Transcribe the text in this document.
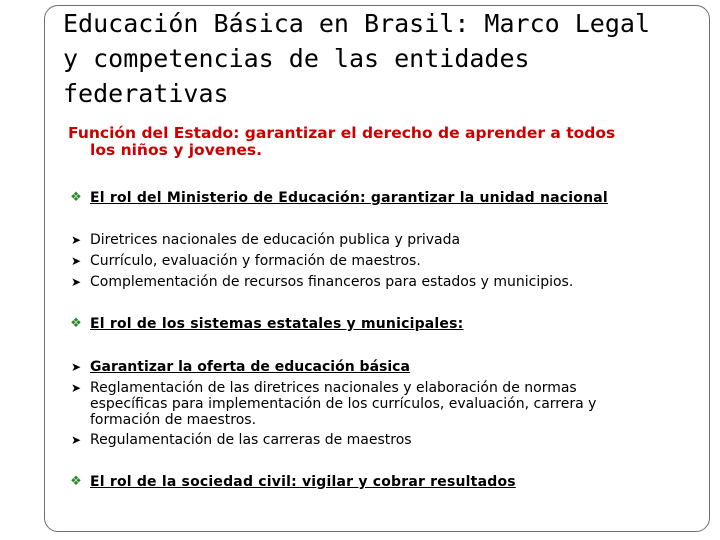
Educación Básica en Brasil: Marco Legal
y competencias de las entidades
federativas

Función del Estado: garantizar el derecho de aprender a todos
los niños y jovenes.

❖ El rol del Ministerio de Educación: garantizar la unidad nacional
➤ Diretrices nacionales de educación publica y privada
➤ Currículo, evaluación y formación de maestros.
➤ Complementación de recursos financeros para estados y municipios.
❖ El rol de los sistemas estatales y municipales:
➤ Garantizar la oferta de educación básica
➤ Reglamentación de las diretrices nacionales y elaboración de normas específicas para implementación de los currículos, evaluación, carrera y formación de maestros.
➤ Regulamentación de las carreras de maestros
❖ El rol de la sociedad civil: vigilar y cobrar resultados
